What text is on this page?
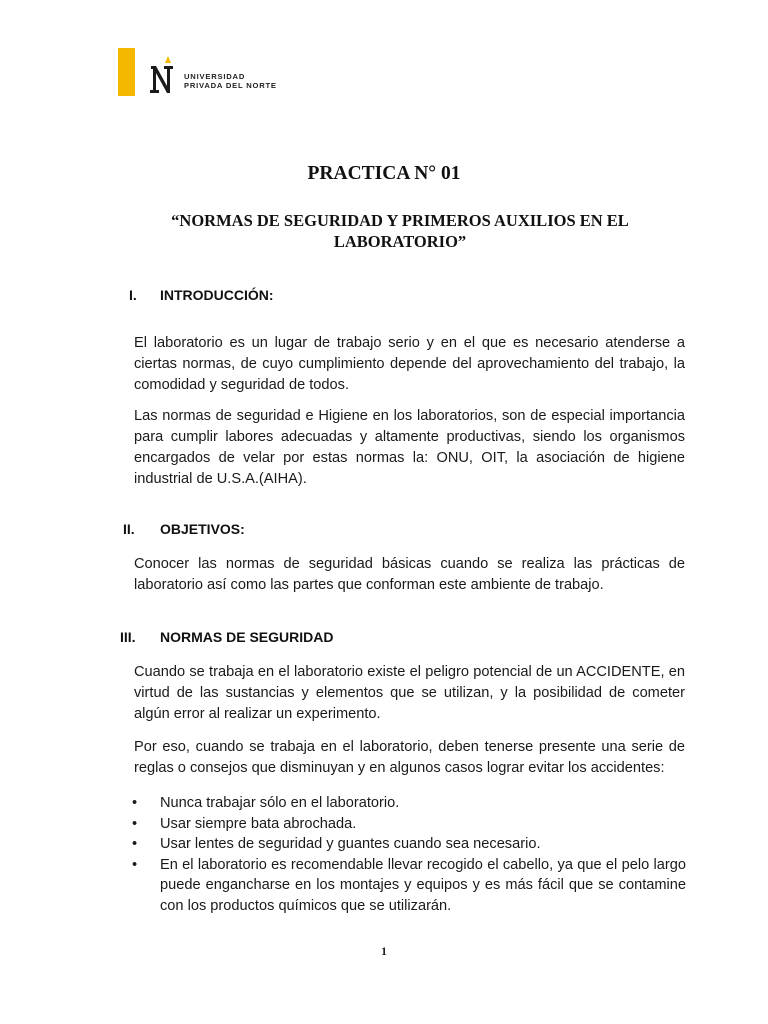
UNIVERSIDAD
PRIVADA DEL NORTE
PRACTICA N° 01
“NORMAS DE SEGURIDAD Y PRIMEROS AUXILIOS EN EL
LABORATORIO”
I. INTRODUCCIÓN:
El laboratorio es un lugar de trabajo serio y en el que es necesario atenderse a ciertas normas, de cuyo cumplimiento depende del aprovechamiento del trabajo, la comodidad y seguridad de todos.
Las normas de seguridad e Higiene en los laboratorios, son de especial importancia para cumplir labores adecuadas y altamente productivas, siendo los organismos encargados de velar por estas normas la: ONU, OIT, la asociación de higiene industrial de U.S.A.(AIHA).
II. OBJETIVOS:
Conocer las normas de seguridad básicas cuando se realiza las prácticas de laboratorio así como las partes que conforman este ambiente de trabajo.
III. NORMAS DE SEGURIDAD
Cuando se trabaja en el laboratorio existe el peligro potencial de un ACCIDENTE, en virtud de las sustancias y elementos que se utilizan, y la posibilidad de cometer algún error al realizar un experimento.
Por eso, cuando se trabaja en el laboratorio, deben tenerse presente una serie de reglas o consejos que disminuyan y en algunos casos lograr evitar los accidentes:
• Nunca trabajar sólo en el laboratorio.
• Usar siempre bata abrochada.
• Usar lentes de seguridad y guantes cuando sea necesario.
• En el laboratorio es recomendable llevar recogido el cabello, ya que el pelo largo puede engancharse en los montajes y equipos y es más fácil que se contamine con los productos químicos que se utilizarán.
1
